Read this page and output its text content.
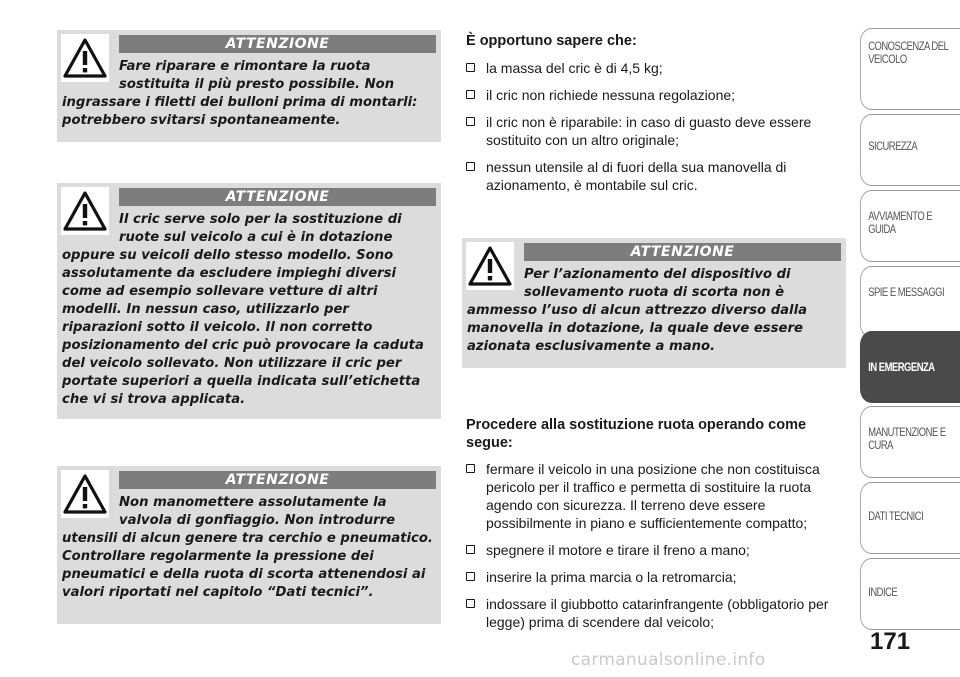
ATTENZIONE

Fare riparare e rimontare la ruota sostituita il più presto possibile. Non ingrassare i filetti dei bulloni prima di montarli: potrebbero svitarsi spontaneamente.

ATTENZIONE

Il cric serve solo per la sostituzione di ruote sul veicolo a cui è in dotazione oppure su veicoli dello stesso modello. Sono assolutamente da escludere impieghi diversi come ad esempio sollevare vetture di altri modelli. In nessun caso, utilizzarlo per riparazioni sotto il veicolo. Il non corretto posizionamento del cric può provocare la caduta del veicolo sollevato. Non utilizzare il cric per portate superiori a quella indicata sull’etichetta che vi si trova applicata.

ATTENZIONE

Non manomettere assolutamente la valvola di gonfiaggio. Non introdurre utensili di alcun genere tra cerchio e pneumatico. Controllare regolarmente la pressione dei pneumatici e della ruota di scorta attenendosi ai valori riportati nel capitolo “Dati tecnici”.

È opportuno sapere che:

la massa del cric è di 4,5 kg;
il cric non richiede nessuna regolazione;
il cric non è riparabile: in caso di guasto deve essere sostituito con un altro originale;
nessun utensile al di fuori della sua manovella di azionamento, è montabile sul cric.
ATTENZIONE

Per l’azionamento del dispositivo di sollevamento ruota di scorta non è ammesso l’uso di alcun attrezzo diverso dalla manovella in dotazione, la quale deve essere azionata esclusivamente a mano.

Procedere alla sostituzione ruota operando come segue:

fermare il veicolo in una posizione che non costituisca pericolo per il traffico e permetta di sostituire la ruota agendo con sicurezza. Il terreno deve essere possibilmente in piano e sufficientemente compatto;
spegnere il motore e tirare il freno a mano;
inserire la prima marcia o la retromarcia;
indossare il giubbotto catarinfrangente (obbligatorio per legge) prima di scendere dal veicolo;
CONOSCENZA DEL VEICOLO
SICUREZZA
AVVIAMENTO E GUIDA
SPIE E MESSAGGI
IN EMERGENZA
MANUTENZIONE E CURA
DATI TECNICI
INDICE
171
carmanualsonline.info
